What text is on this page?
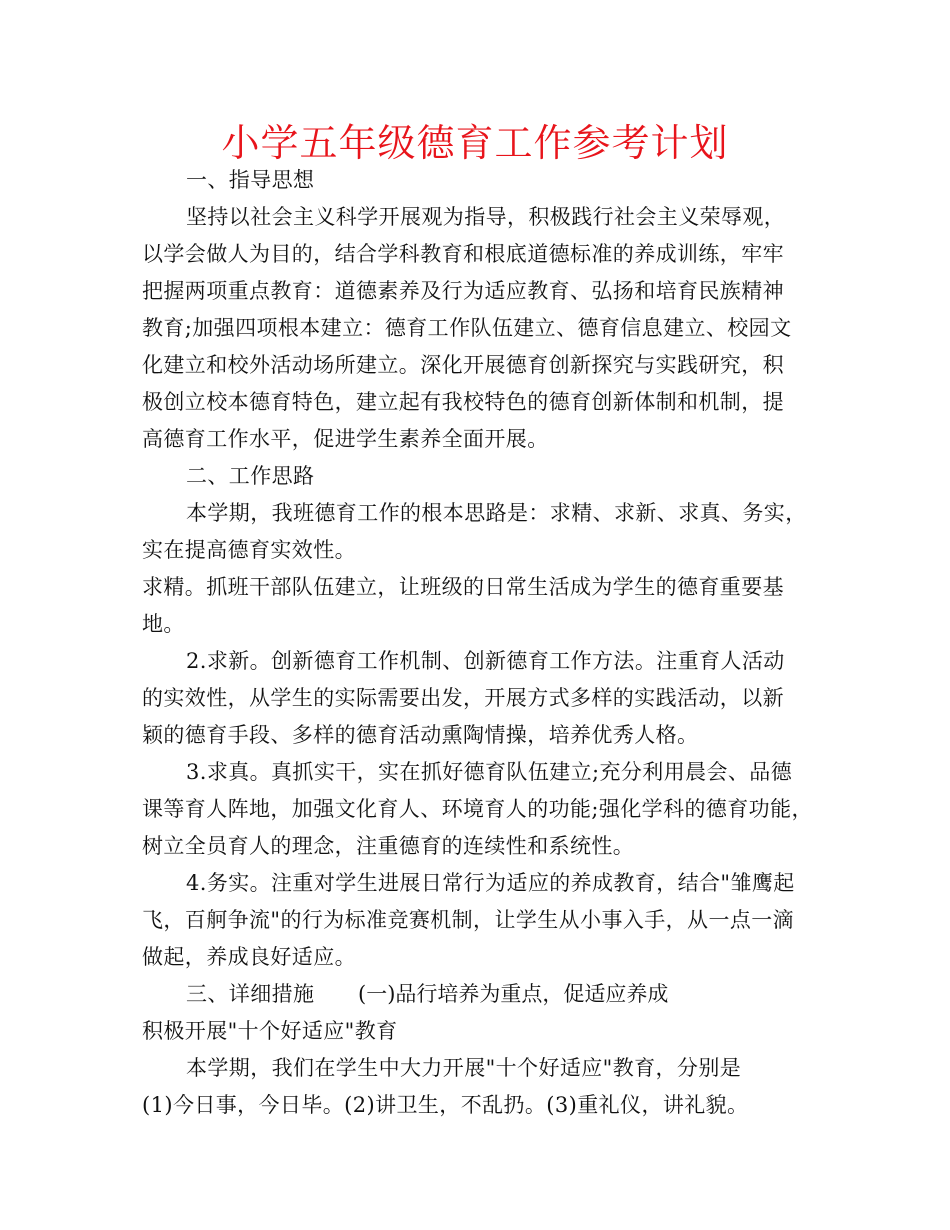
小学五年级德育工作参考计划
一、指导思想
坚持以社会主义科学开展观为指导，积极践行社会主义荣辱观，
以学会做人为目的，结合学科教育和根底道德标准的养成训练，牢牢
把握两项重点教育：道德素养及行为适应教育、弘扬和培育民族精神
教育;加强四项根本建立：德育工作队伍建立、德育信息建立、校园文
化建立和校外活动场所建立。深化开展德育创新探究与实践研究，积
极创立校本德育特色，建立起有我校特色的德育创新体制和机制，提
高德育工作水平，促进学生素养全面开展。
二、工作思路
本学期，我班德育工作的根本思路是：求精、求新、求真、务实，
实在提高德育实效性。
求精。抓班干部队伍建立，让班级的日常生活成为学生的德育重要基
地。
2.求新。创新德育工作机制、创新德育工作方法。注重育人活动
的实效性，从学生的实际需要出发，开展方式多样的实践活动，以新
颖的德育手段、多样的德育活动熏陶情操，培养优秀人格。
3.求真。真抓实干，实在抓好德育队伍建立;充分利用晨会、品德
课等育人阵地，加强文化育人、环境育人的功能;强化学科的德育功能，
树立全员育人的理念，注重德育的连续性和系统性。
4.务实。注重对学生进展日常行为适应的养成教育，结合"雏鹰起
飞，百舸争流"的行为标准竞赛机制，让学生从小事入手，从一点一滴
做起，养成良好适应。
三、详细措施 (一)品行培养为重点，促适应养成
积极开展"十个好适应"教育
本学期，我们在学生中大力开展"十个好适应"教育，分别是
(1)今日事，今日毕。(2)讲卫生，不乱扔。(3)重礼仪，讲礼貌。
